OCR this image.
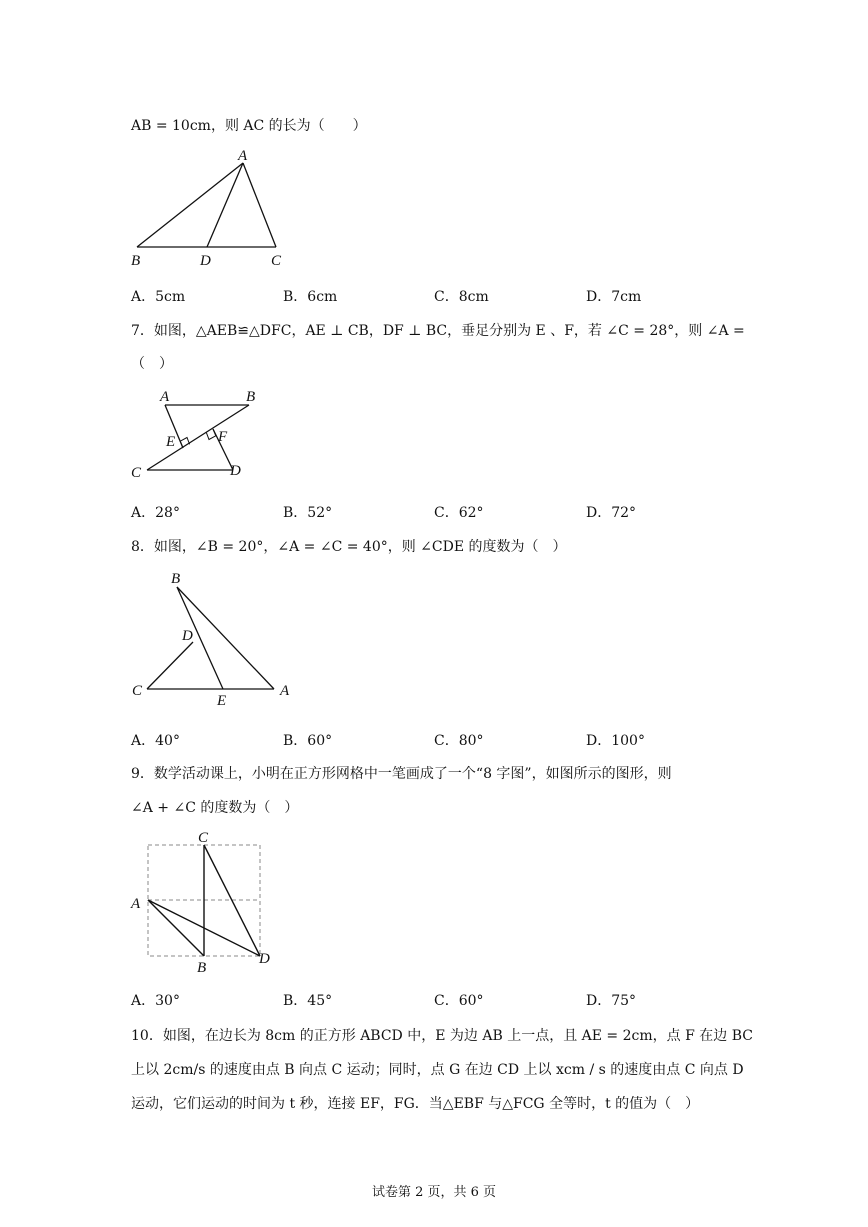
AB = 10cm，则 AC 的长为（　　）
A
B	D	C
A．5cm	B．6cm	C．8cm	D．7cm
7．如图，△AEB≌△DFC，AE ⊥ CB，DF ⊥ BC，垂足分别为 E 、F，若 ∠C = 28°，则 ∠A =
（　）
A	B
E	F
C	D
A．28°	B．52°	C．62°	D．72°
8．如图，∠B = 20°，∠A = ∠C = 40°，则 ∠CDE 的度数为（　）
B
D
C
E
A
A．40°	B．60°	C．80°	D．100°
9．数学活动课上，小明在正方形网格中一笔画成了一个“8 字图”，如图所示的图形，则
∠A + ∠C 的度数为（　）
C
A
B
D
A．30°	B．45°	C．60°	D．75°
10．如图，在边长为 8cm 的正方形 ABCD 中，E 为边 AB 上一点，且 AE = 2cm，点 F 在边 BC
上以 2cm/s 的速度由点 B 向点 C 运动；同时，点 G 在边 CD 上以 xcm / s 的速度由点 C 向点 D
运动，它们运动的时间为 t 秒，连接 EF，FG．当△EBF 与△FCG 全等时，t 的值为（　）
试卷第 2 页，共 6 页
